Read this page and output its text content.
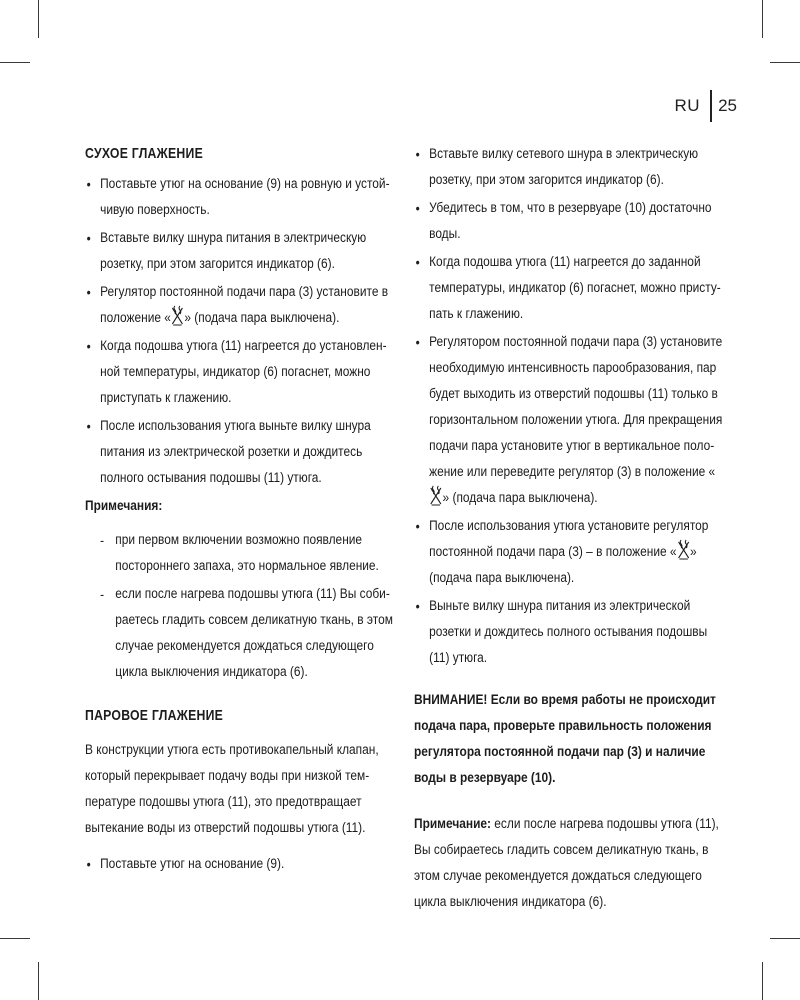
RU	25
СУХОЕ ГЛАЖЕНИЕ
• Поставьте утюг на основание (9) на ровную и устой-чивую поверхность.
• Вставьте вилку шнура питания в электрическую розетку, при этом загорится индикатор (6).
• Регулятор постоянной подачи пара (3) установите в положение « » (подача пара выключена).
• Когда подошва утюга (11) нагреется до установлен-ной температуры, индикатор (6) погаснет, можно приступать к глажению.
• После использования утюга выньте вилку шнура питания из электрической розетки и дождитесь полного остывания подошвы (11) утюга.

Примечания:

- при первом включении возможно появление постороннего запаха, это нормальное явление.
- если после нагрева подошвы утюга (11) Вы соби-раетесь гладить совсем деликатную ткань, в этом случае рекомендуется дождаться следующего цикла выключения индикатора (6).
ПАРОВОЕ ГЛАЖЕНИЕ

В конструкции утюга есть противокапельный клапан, который перекрывает подачу воды при низкой тем-пературе подошвы утюга (11), это предотвращает вытекание воды из отверстий подошвы утюга (11).

• Поставьте утюг на основание (9).
• Вставьте вилку сетевого шнура в электрическую розетку, при этом загорится индикатор (6).
• Убедитесь в том, что в резервуаре (10) достаточно воды.
• Когда подошва утюга (11) нагреется до заданной температуры, индикатор (6) погаснет, можно присту-пать к глажению.
• Регулятором постоянной подачи пара (3) установите необходимую интенсивность парообразования, пар будет выходить из отверстий подошвы (11) только в горизонтальном положении утюга. Для прекращения подачи пара установите утюг в вертикальное поло-жение или переведите регулятор (3) в положение «
» (подача пара выключена).
• После использования утюга установите регулятор постоянной подачи пара (3) – в положение « » (подача пара выключена).
• Выньте вилку шнура питания из электрической розетки и дождитесь полного остывания подошвы (11) утюга.

ВНИМАНИЕ! Если во время работы не происходит подача пара, проверьте правильность положения регулятора постоянной подачи пар (3) и наличие воды в резервуаре (10).

Примечание: если после нагрева подошвы утюга (11), Вы собираетесь гладить совсем деликатную ткань, в этом случае рекомендуется дождаться следующего цикла выключения индикатора (6).
